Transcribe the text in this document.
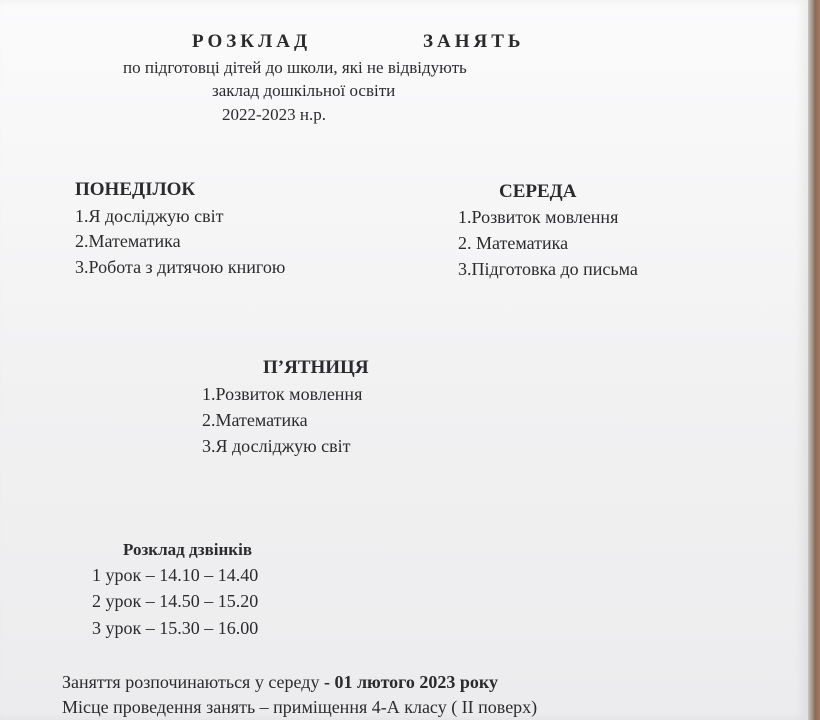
РОЗКЛАД	ЗАНЯТЬ
по підготовці дітей до школи, які не відвідують
заклад дошкільної освіти
2022-2023 н.р.
ПОНЕДІЛОК
1.Я досліджую світ
2.Математика
3.Робота з дитячою книгою
СЕРЕДА
1.Розвиток мовлення
2. Математика
3.Підготовка до письма
П’ЯТНИЦЯ
1.Розвиток мовлення
2.Математика
3.Я досліджую світ
Розклад дзвінків
1 урок – 14.10 – 14.40
2 урок – 14.50 – 15.20
3 урок – 15.30 – 16.00
Заняття розпочинаються у середу - 01 лютого 2023 року
Місце проведення занять – приміщення 4-А класу ( ІІ поверх)
